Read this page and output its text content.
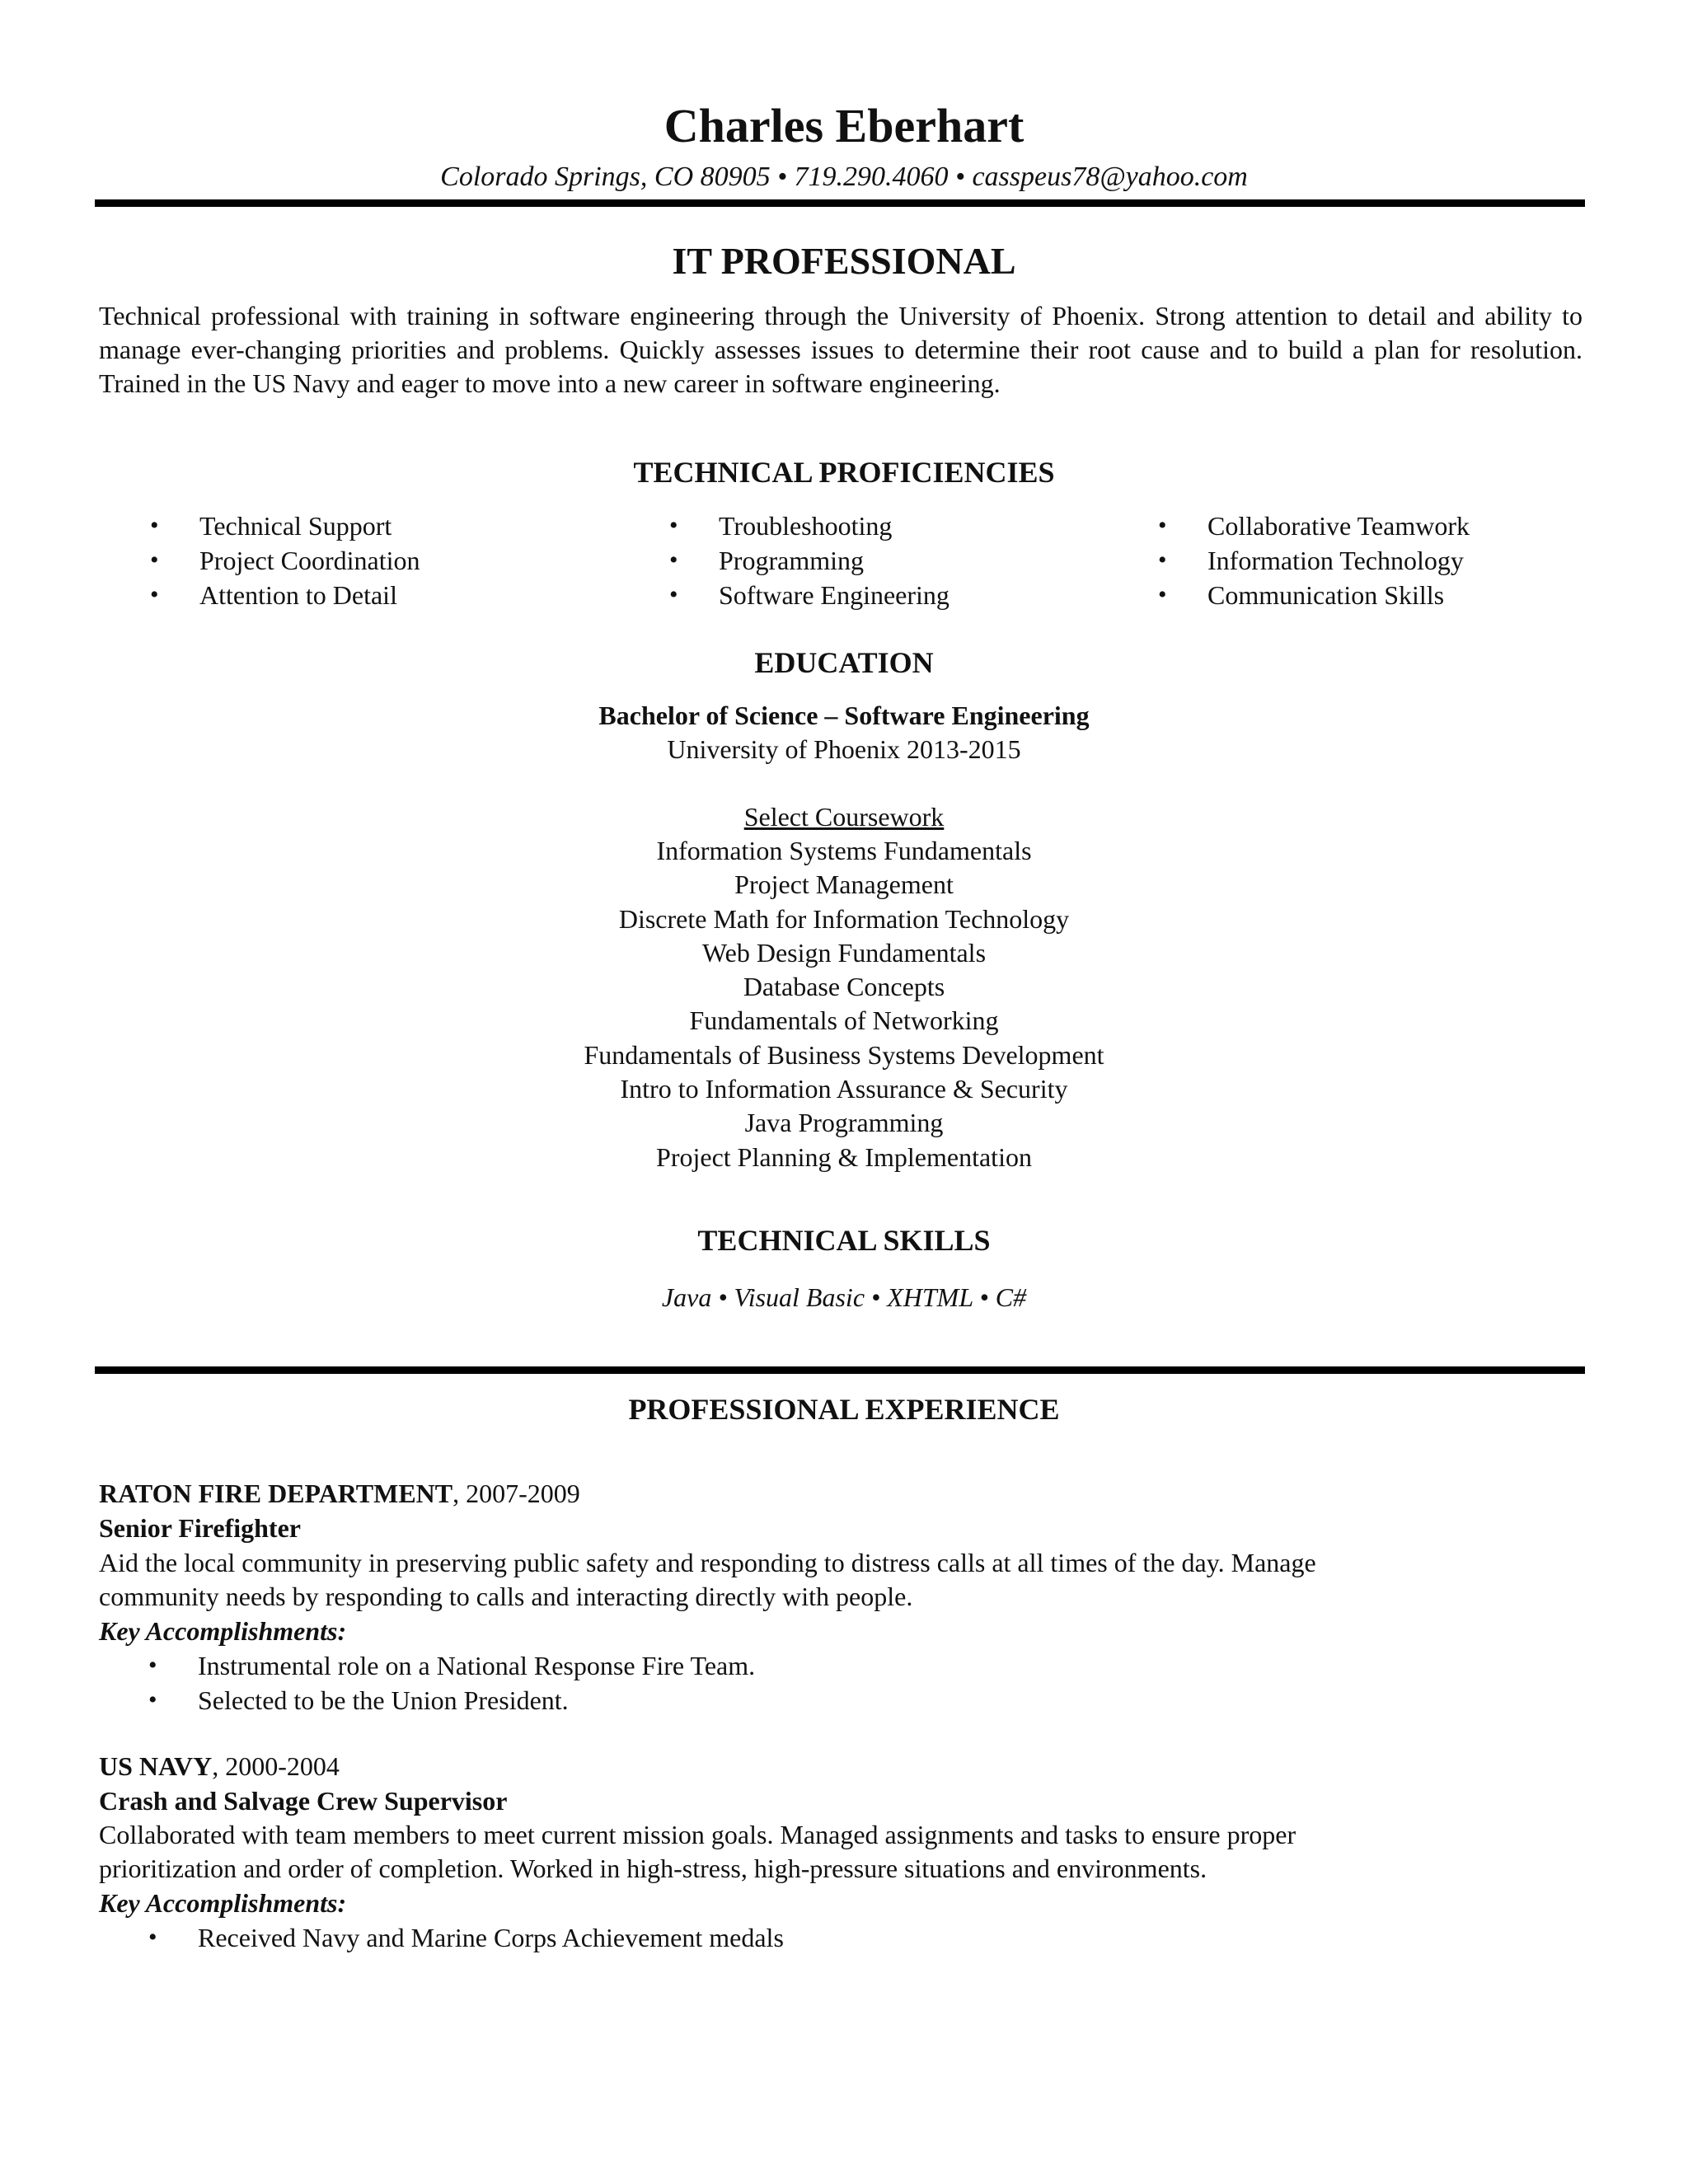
Charles Eberhart
Colorado Springs, CO 80905 • 719.290.4060 • casspeus78@yahoo.com
IT PROFESSIONAL
Technical professional with training in software engineering through the University of Phoenix. Strong attention to detail and ability to manage ever-changing priorities and problems. Quickly assesses issues to determine their root cause and to build a plan for resolution. Trained in the US Navy and eager to move into a new career in software engineering.
TECHNICAL PROFICIENCIES
• Technical Support
• Project Coordination
• Attention to Detail
• Troubleshooting
• Programming
• Software Engineering
• Collaborative Teamwork
• Information Technology
• Communication Skills
EDUCATION
Bachelor of Science – Software Engineering
University of Phoenix 2013-2015
Select Coursework
Information Systems Fundamentals
Project Management
Discrete Math for Information Technology
Web Design Fundamentals
Database Concepts
Fundamentals of Networking
Fundamentals of Business Systems Development
Intro to Information Assurance & Security
Java Programming
Project Planning & Implementation
TECHNICAL SKILLS
Java • Visual Basic • XHTML • C#
PROFESSIONAL EXPERIENCE
RATON FIRE DEPARTMENT, 2007-2009
Senior Firefighter
Aid the local community in preserving public safety and responding to distress calls at all times of the day. Manage
community needs by responding to calls and interacting directly with people.
Key Accomplishments:
• Instrumental role on a National Response Fire Team.
• Selected to be the Union President.
US NAVY, 2000-2004
Crash and Salvage Crew Supervisor
Collaborated with team members to meet current mission goals. Managed assignments and tasks to ensure proper
prioritization and order of completion. Worked in high-stress, high-pressure situations and environments.
Key Accomplishments:
• Received Navy and Marine Corps Achievement medals
